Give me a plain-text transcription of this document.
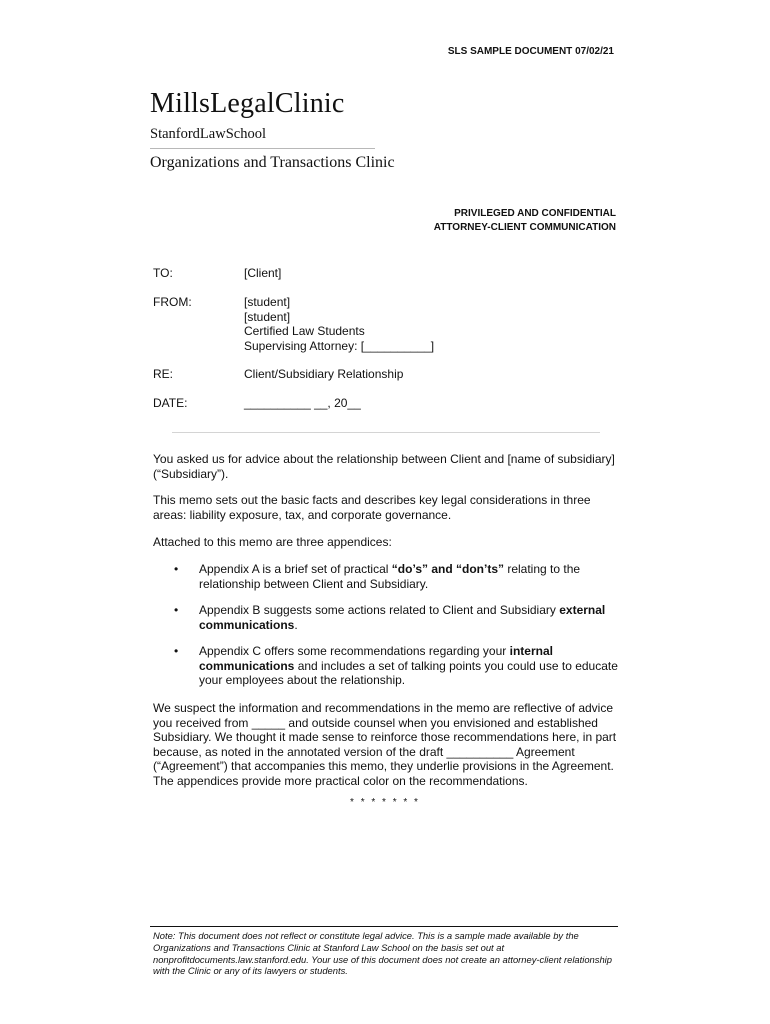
SLS SAMPLE DOCUMENT 07/02/21
MillsLegalClinic
StanfordLawSchool
Organizations and Transactions Clinic
PRIVILEGED AND CONFIDENTIAL
ATTORNEY-CLIENT COMMUNICATION
TO:	[Client]
FROM:	[student]
[student]
Certified Law Students
Supervising Attorney: [__________]
RE:	Client/Subsidiary Relationship
DATE:	__________ __, 20__
You asked us for advice about the relationship between Client and [name of subsidiary] (“Subsidiary”).
This memo sets out the basic facts and describes key legal considerations in three areas: liability exposure, tax, and corporate governance.
Attached to this memo are three appendices:
• Appendix A is a brief set of practical “do’s” and “don’ts” relating to the relationship between Client and Subsidiary.
• Appendix B suggests some actions related to Client and Subsidiary external communications.
• Appendix C offers some recommendations regarding your internal communications and includes a set of talking points you could use to educate your employees about the relationship.
We suspect the information and recommendations in the memo are reflective of advice you received from _____ and outside counsel when you envisioned and established Subsidiary. We thought it made sense to reinforce those recommendations here, in part because, as noted in the annotated version of the draft __________ Agreement (“Agreement”) that accompanies this memo, they underlie provisions in the Agreement. The appendices provide more practical color on the recommendations.
* * * * * * *
Note: This document does not reflect or constitute legal advice. This is a sample made available by the Organizations and Transactions Clinic at Stanford Law School on the basis set out at nonprofitdocuments.law.stanford.edu. Your use of this document does not create an attorney-client relationship with the Clinic or any of its lawyers or students.
